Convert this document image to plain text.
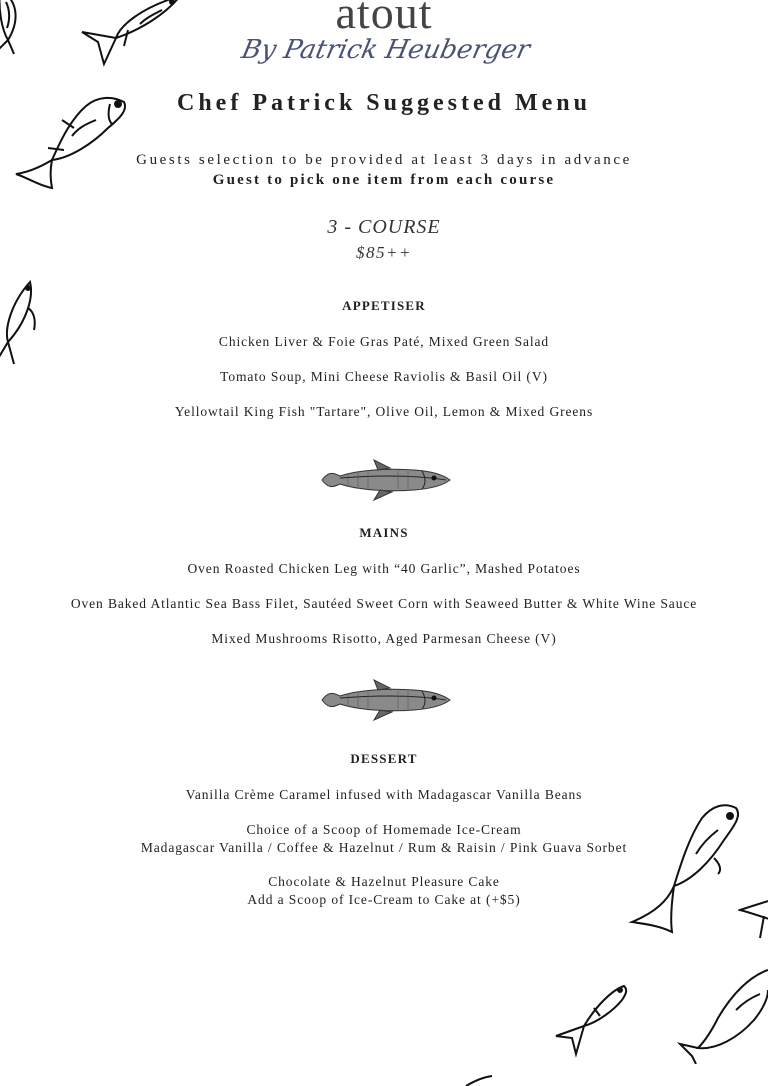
atout
By Patrick Heuberger
Chef Patrick Suggested Menu
Guests selection to be provided at least 3 days in advance
Guest to pick one item from each course
3 - COURSE
$85++
APPETISER
Chicken Liver & Foie Gras Paté, Mixed Green Salad
Tomato Soup, Mini Cheese Raviolis & Basil Oil (V)
Yellowtail King Fish "Tartare", Olive Oil, Lemon & Mixed Greens
MAINS
Oven Roasted Chicken Leg with “40 Garlic”, Mashed Potatoes
Oven Baked Atlantic Sea Bass Filet, Sautéed Sweet Corn with Seaweed Butter & White Wine Sauce
Mixed Mushrooms Risotto, Aged Parmesan Cheese (V)
DESSERT
Vanilla Crème Caramel infused with Madagascar Vanilla Beans
Choice of a Scoop of Homemade Ice-Cream
Madagascar Vanilla / Coffee & Hazelnut / Rum & Raisin / Pink Guava Sorbet
Chocolate & Hazelnut Pleasure Cake
Add a Scoop of Ice-Cream to Cake at (+$5)
